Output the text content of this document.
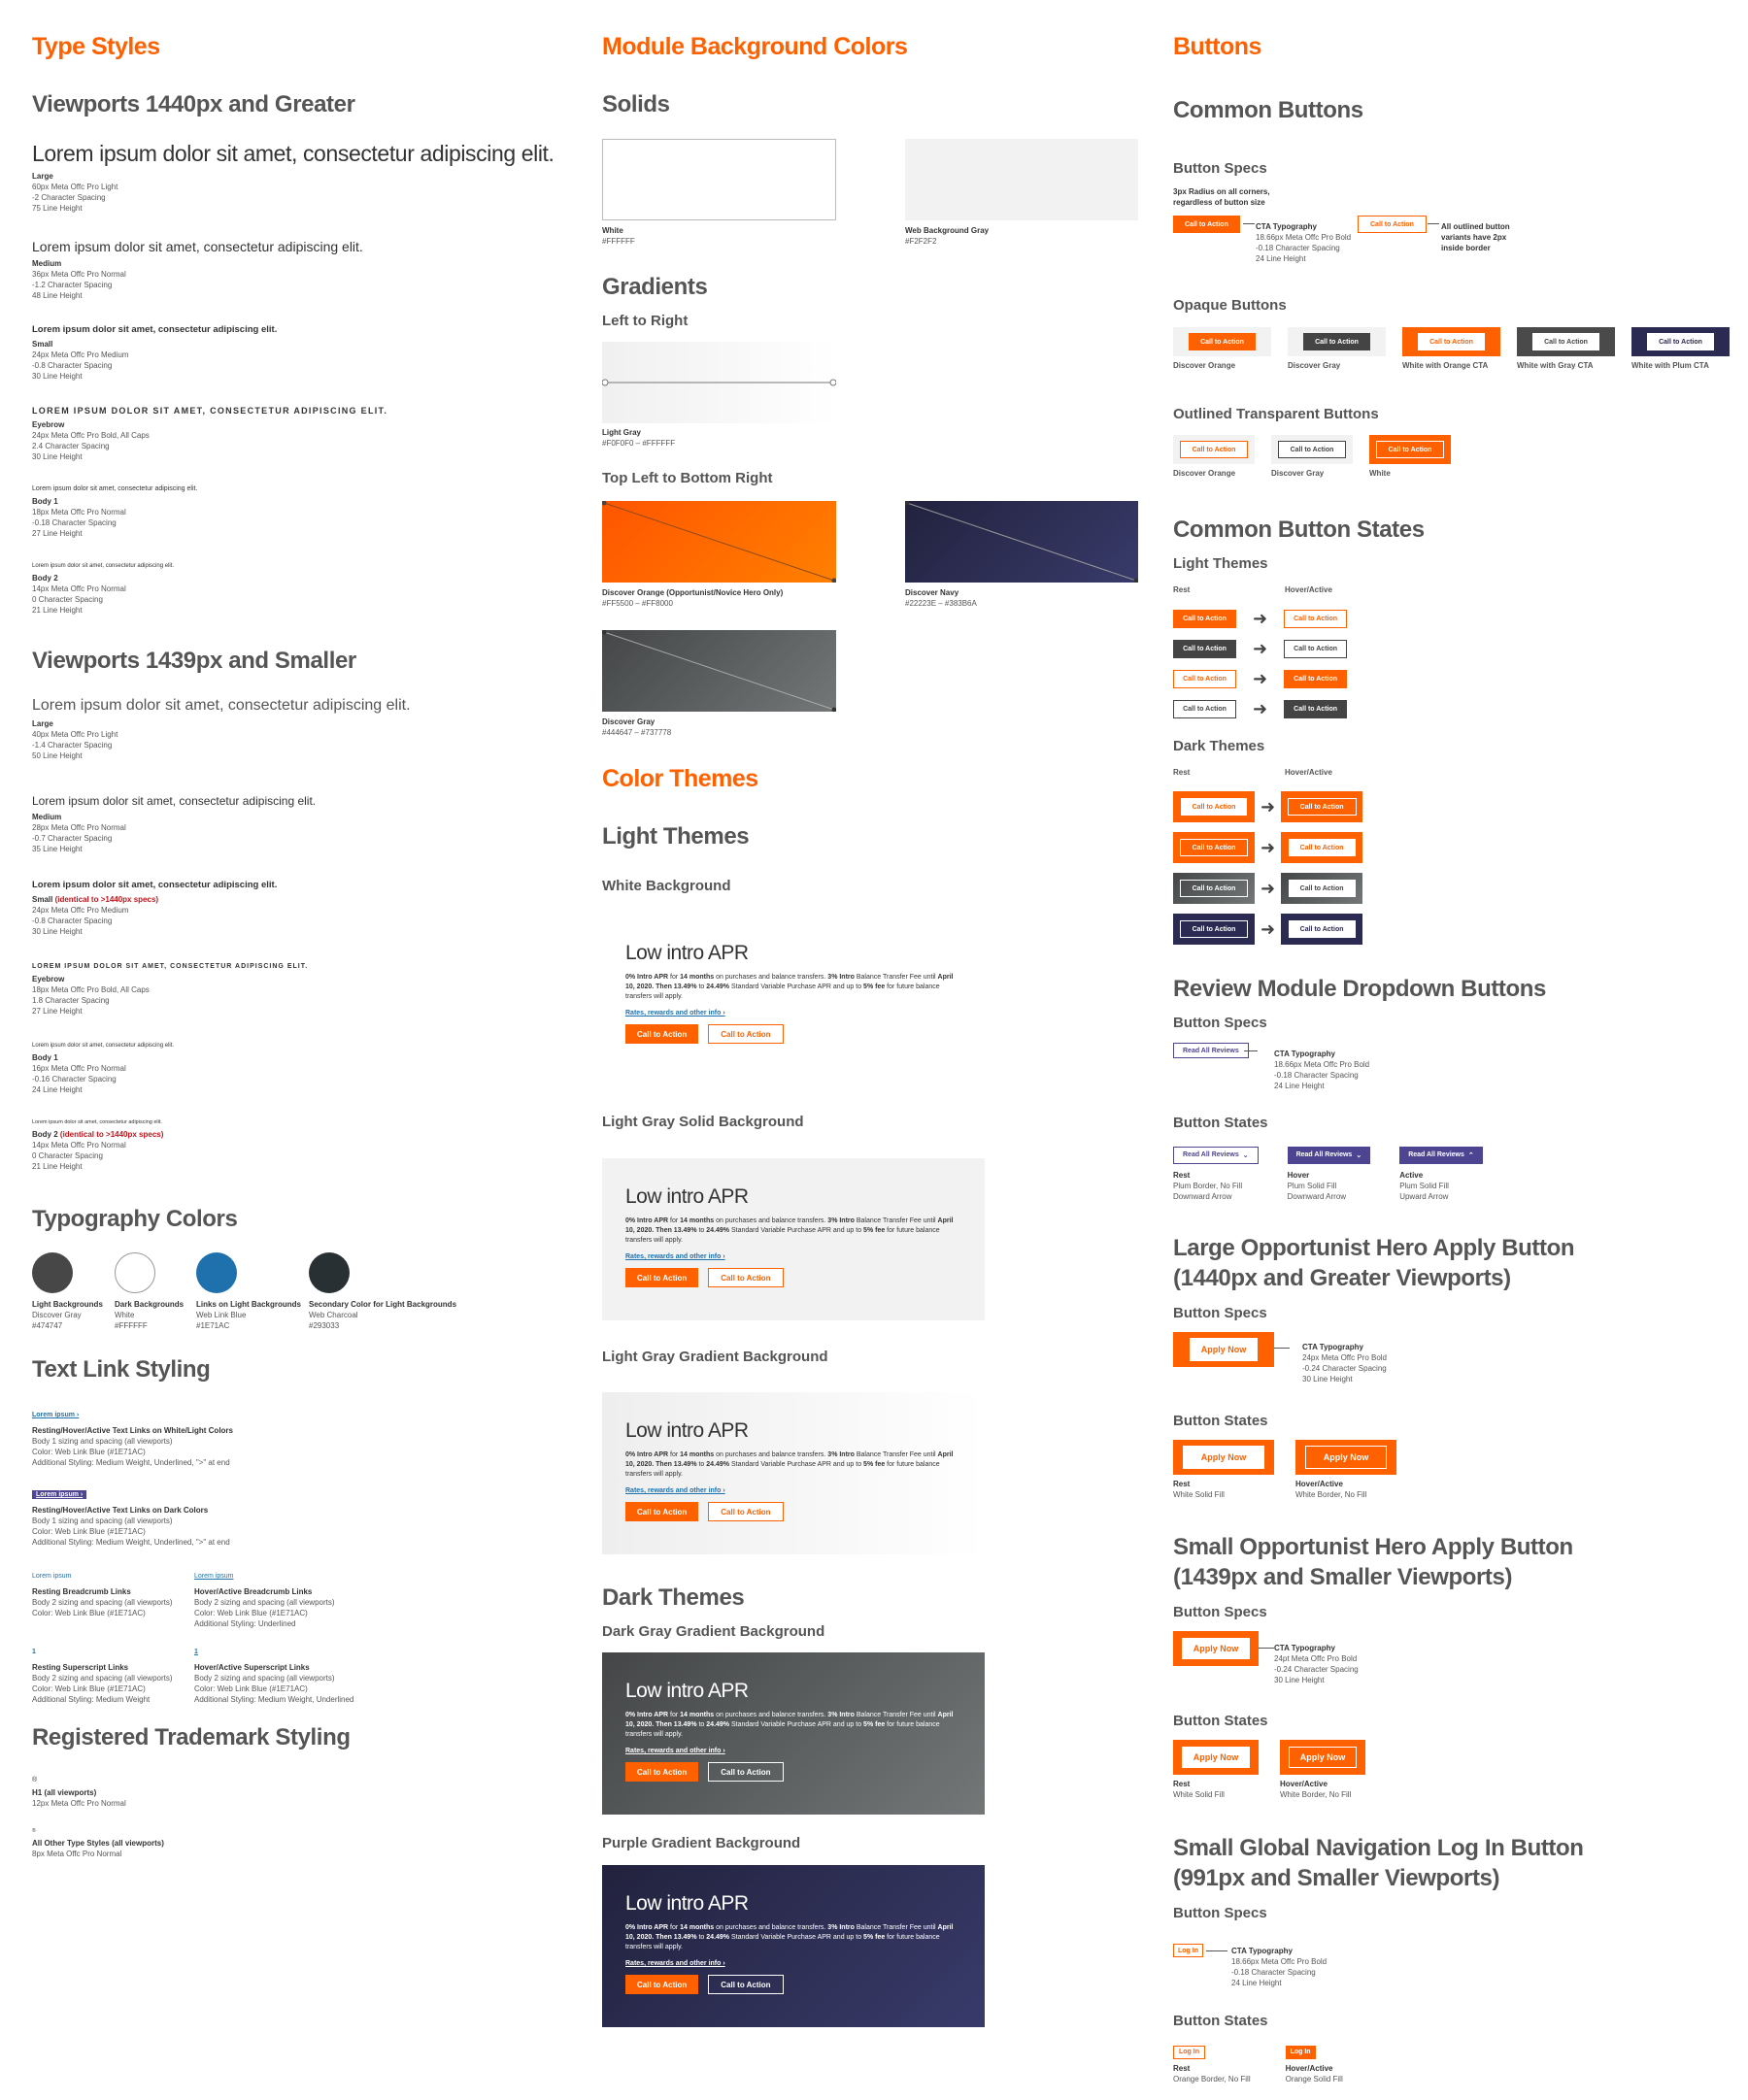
Type Styles
Viewports 1440px and Greater
Lorem ipsum dolor sit amet, consectetur adipiscing elit.
Large
60px Meta Offc Pro Light
-2 Character Spacing
75 Line Height
Lorem ipsum dolor sit amet, consectetur adipiscing elit.
Medium
36px Meta Offc Pro Normal
-1.2 Character Spacing
48 Line Height
Lorem ipsum dolor sit amet, consectetur adipiscing elit.
Small
24px Meta Offc Pro Medium
-0.8 Character Spacing
30 Line Height
LOREM IPSUM DOLOR SIT AMET, CONSECTETUR ADIPISCING ELIT.
Eyebrow
24px Meta Offc Pro Bold, All Caps
2.4 Character Spacing
30 Line Height
Lorem ipsum dolor sit amet, consectetur adipiscing elit.
Body 1
18px Meta Offc Pro Normal
-0.18 Character Spacing
27 Line Height
Lorem ipsum dolor sit amet, consectetur adipiscing elit.
Body 2
14px Meta Offc Pro Normal
0 Character Spacing
21 Line Height
Viewports 1439px and Smaller
Lorem ipsum dolor sit amet, consectetur adipiscing elit.
Large
40px Meta Offc Pro Light
-1.4 Character Spacing
50 Line Height
Lorem ipsum dolor sit amet, consectetur adipiscing elit.
Medium
28px Meta Offc Pro Normal
-0.7 Character Spacing
35 Line Height
Lorem ipsum dolor sit amet, consectetur adipiscing elit.
Small (identical to >1440px specs)
24px Meta Offc Pro Medium
-0.8 Character Spacing
30 Line Height
LOREM IPSUM DOLOR SIT AMET, CONSECTETUR ADIPISCING ELIT.
Eyebrow
18px Meta Offc Pro Bold, All Caps
1.8 Character Spacing
27 Line Height
Lorem ipsum dolor sit amet, consectetur adipiscing elit.
Body 1
16px Meta Offc Pro Normal
-0.16 Character Spacing
24 Line Height
Lorem ipsum dolor sit amet, consectetur adipiscing elit.
Body 2 (identical to >1440px specs)
14px Meta Offc Pro Normal
0 Character Spacing
21 Line Height
Typography Colors
Light Backgrounds
Discover Gray
#474747
Dark Backgrounds
White
#FFFFFF
Links on Light Backgrounds
Web Link Blue
#1E71AC
Secondary Color for Light Backgrounds
Web Charcoal
#293033
Text Link Styling
Lorem ipsum ›
Resting/Hover/Active Text Links on White/Light Colors
Body 1 sizing and spacing (all viewports)
Color: Web Link Blue (#1E71AC)
Additional Styling: Medium Weight, Underlined, ">" at end
Lorem ipsum ›
Resting/Hover/Active Text Links on Dark Colors
Body 1 sizing and spacing (all viewports)
Color: Web Link Blue (#1E71AC)
Additional Styling: Medium Weight, Underlined, ">" at end
Lorem ipsum
Resting Breadcrumb Links
Body 2 sizing and spacing (all viewports)
Color: Web Link Blue (#1E71AC)
Lorem ipsum
Hover/Active Breadcrumb Links
Body 2 sizing and spacing (all viewports)
Color: Web Link Blue (#1E71AC)
Additional Styling: Underlined
1
Resting Superscript Links
Body 2 sizing and spacing (all viewports)
Color: Web Link Blue (#1E71AC)
Additional Styling: Medium Weight
1
Hover/Active Superscript Links
Body 2 sizing and spacing (all viewports)
Color: Web Link Blue (#1E71AC)
Additional Styling: Medium Weight, Underlined
Registered Trademark Styling
®
H1 (all viewports)
12px Meta Offc Pro Normal
®
All Other Type Styles (all viewports)
8px Meta Offc Pro Normal
Module Background Colors
Solids
White
#FFFFFF
Web Background Gray
#F2F2F2
Gradients
Left to Right
Light Gray
#F0F0F0 – #FFFFFF
Top Left to Bottom Right
Discover Orange (Opportunist/Novice Hero Only)
#FF5500 – #FF8000
Discover Navy
#22223E – #383B6A
Discover Gray
#444647 – #737778
Color Themes
Light Themes
White Background
Low intro APR
0% Intro APR for 14 months on purchases and balance transfers. 3% Intro Balance Transfer Fee until April 10, 2020. Then 13.49% to 24.49% Standard Variable Purchase APR and up to 5% fee for future balance transfers will apply.
Rates, rewards and other info ›
Call to Action	Call to Action
Light Gray Solid Background
Low intro APR
0% Intro APR for 14 months on purchases and balance transfers. 3% Intro Balance Transfer Fee until April 10, 2020. Then 13.49% to 24.49% Standard Variable Purchase APR and up to 5% fee for future balance transfers will apply.
Rates, rewards and other info ›
Call to Action	Call to Action
Light Gray Gradient Background
Low intro APR
0% Intro APR for 14 months on purchases and balance transfers. 3% Intro Balance Transfer Fee until April 10, 2020. Then 13.49% to 24.49% Standard Variable Purchase APR and up to 5% fee for future balance transfers will apply.
Rates, rewards and other info ›
Call to Action	Call to Action
Dark Themes
Dark Gray Gradient Background
Low intro APR
0% Intro APR for 14 months on purchases and balance transfers. 3% Intro Balance Transfer Fee until April 10, 2020. Then 13.49% to 24.49% Standard Variable Purchase APR and up to 5% fee for future balance transfers will apply.
Rates, rewards and other info ›
Call to Action	Call to Action
Purple Gradient Background
Low intro APR
0% Intro APR for 14 months on purchases and balance transfers. 3% Intro Balance Transfer Fee until April 10, 2020. Then 13.49% to 24.49% Standard Variable Purchase APR and up to 5% fee for future balance transfers will apply.
Rates, rewards and other info ›
Call to Action	Call to Action
Buttons
Common Buttons
Button Specs
3px Radius on all corners, regardless of button size
Call to Action	CTA Typography
18.66px Meta Offc Pro Bold
-0.18 Character Spacing
24 Line Height
Call to Action	All outlined button variants have 2px inside border
Opaque Buttons
Call to Action
Discover Orange
Call to Action
Discover Gray
Call to Action
White with Orange CTA
Call to Action
White with Gray CTA
Call to Action
White with Plum CTA
Outlined Transparent Buttons
Call to Action
Discover Orange
Call to Action
Discover Gray
Call to Action
White
Common Button States
Light Themes
Rest	Hover/Active
Call to Action	➜	Call to Action
Call to Action	➜	Call to Action
Call to Action	➜	Call to Action
Call to Action	➜	Call to Action
Dark Themes
Rest	Hover/Active
Call to Action	➜	Call to Action
Call to Action	➜	Call to Action
Call to Action	➜	Call to Action
Call to Action	➜	Call to Action
Review Module Dropdown Buttons
Button Specs
Read All Reviews	CTA Typography
18.66px Meta Offc Pro Bold
-0.18 Character Spacing
24 Line Height
Button States
Read All Reviews ⌄
Rest
Plum Border, No Fill
Downward Arrow
Read All Reviews ⌄
Hover
Plum Solid Fill
Downward Arrow
Read All Reviews ⌃
Active
Plum Solid Fill
Upward Arrow
Large Opportunist Hero Apply Button (1440px and Greater Viewports)
Button Specs
Apply Now	CTA Typography
24px Meta Offc Pro Bold
-0.24 Character Spacing
30 Line Height
Button States
Apply Now
Rest
White Solid Fill
Apply Now
Hover/Active
White Border, No Fill
Small Opportunist Hero Apply Button (1439px and Smaller Viewports)
Button Specs
Apply Now	CTA Typography
24pt Meta Offc Pro Bold
-0.24 Character Spacing
30 Line Height
Button States
Apply Now
Rest
White Solid Fill
Apply Now
Hover/Active
White Border, No Fill
Small Global Navigation Log In Button (991px and Smaller Viewports)
Button Specs
Log In	CTA Typography
18.66px Meta Offc Pro Bold
-0.18 Character Spacing
24 Line Height
Button States
Log In
Rest
Orange Border, No Fill
Log In
Hover/Active
Orange Solid Fill
